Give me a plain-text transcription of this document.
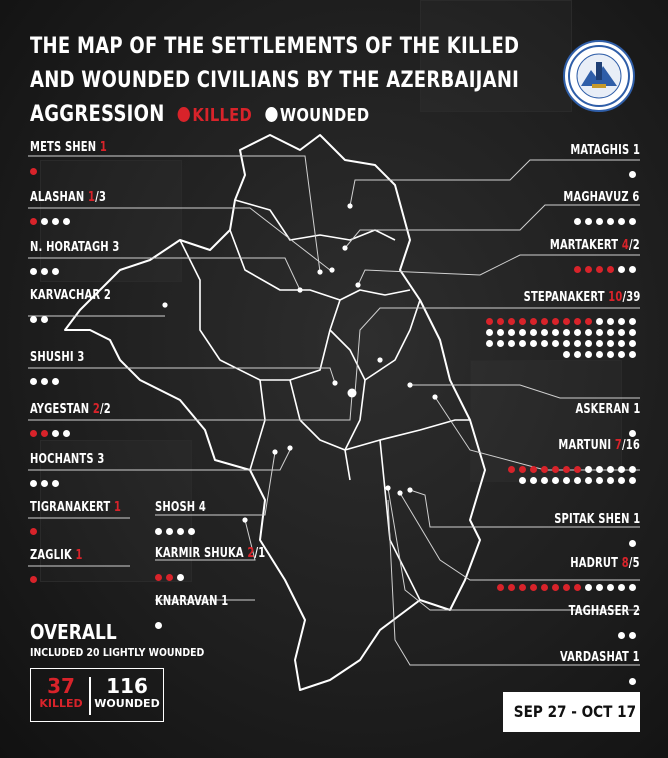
THE MAP OF THE SETTLEMENTS OF THE KILLED
AND WOUNDED CIVILIANS BY THE AZERBAIJANI
AGGRESSION KILLED WOUNDED
OVERALL
INCLUDED 20 LIGHTLY WOUNDED
37
KILLED
116
WOUNDED	SEP 27 - OCT 17
METS SHEN 1
ALASHAN 1/3
N. HORATAGH 3
KARVACHAR 2
SHUSHI 3
AYGESTAN 2/2
HOCHANTS 3
TIGRANAKERT 1
ZAGLIK 1
SHOSH 4
KARMIR SHUKA 2/1
KNARAVAN 1
MATAGHIS 1
MAGHAVUZ 6
MARTAKERT 4/2
STEPANAKERT 10/39
ASKERAN 1
MARTUNI 7/16
SPITAK SHEN 1
HADRUT 8/5
TAGHASER 2
VARDASHAT 1
